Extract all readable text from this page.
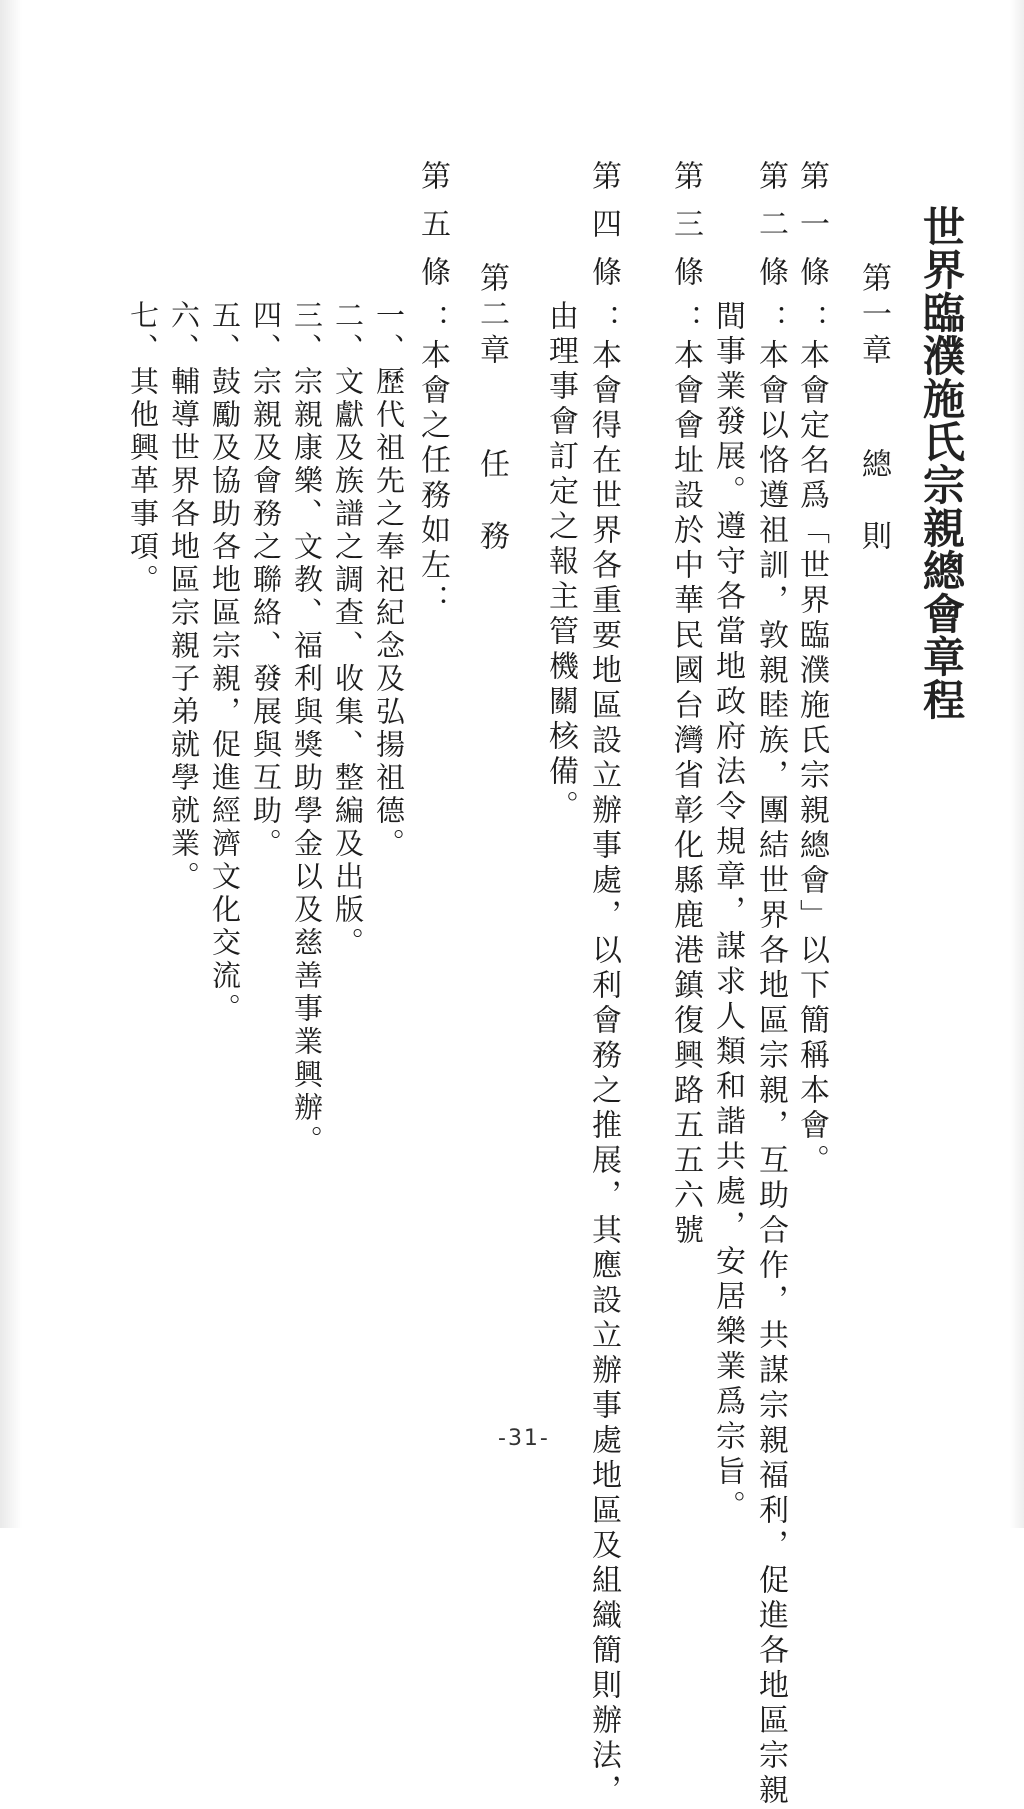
世界臨濮施氏宗親總會章程
第一章總　則
第一條：本會定名爲「世界臨濮施氏宗親總會」以下簡稱本會。
第二條：本會以恪遵祖訓，敦親睦族，團結世界各地區宗親，互助合作，共謀宗親福利，促進各地區宗親
間事業發展。遵守各當地政府法令規章，謀求人類和諧共處，安居樂業爲宗旨。
第三條：本會會址設於中華民國台灣省彰化縣鹿港鎮復興路五五六號
第四條：本會得在世界各重要地區設立辦事處，以利會務之推展，其應設立辦事處地區及組織簡則辦法，
由理事會訂定之報主管機關核備。
第二章任　務
第五條：本會之任務如左：
一、歷代祖先之奉祀紀念及弘揚祖德。
二、文獻及族譜之調查、收集、整編及出版。
三、宗親康樂、文教、福利與獎助學金以及慈善事業興辦。
四、宗親及會務之聯絡、發展與互助。
五、鼓勵及協助各地區宗親，促進經濟文化交流。
六、輔導世界各地區宗親子弟就學就業。
七、其他興革事項。
-31-
